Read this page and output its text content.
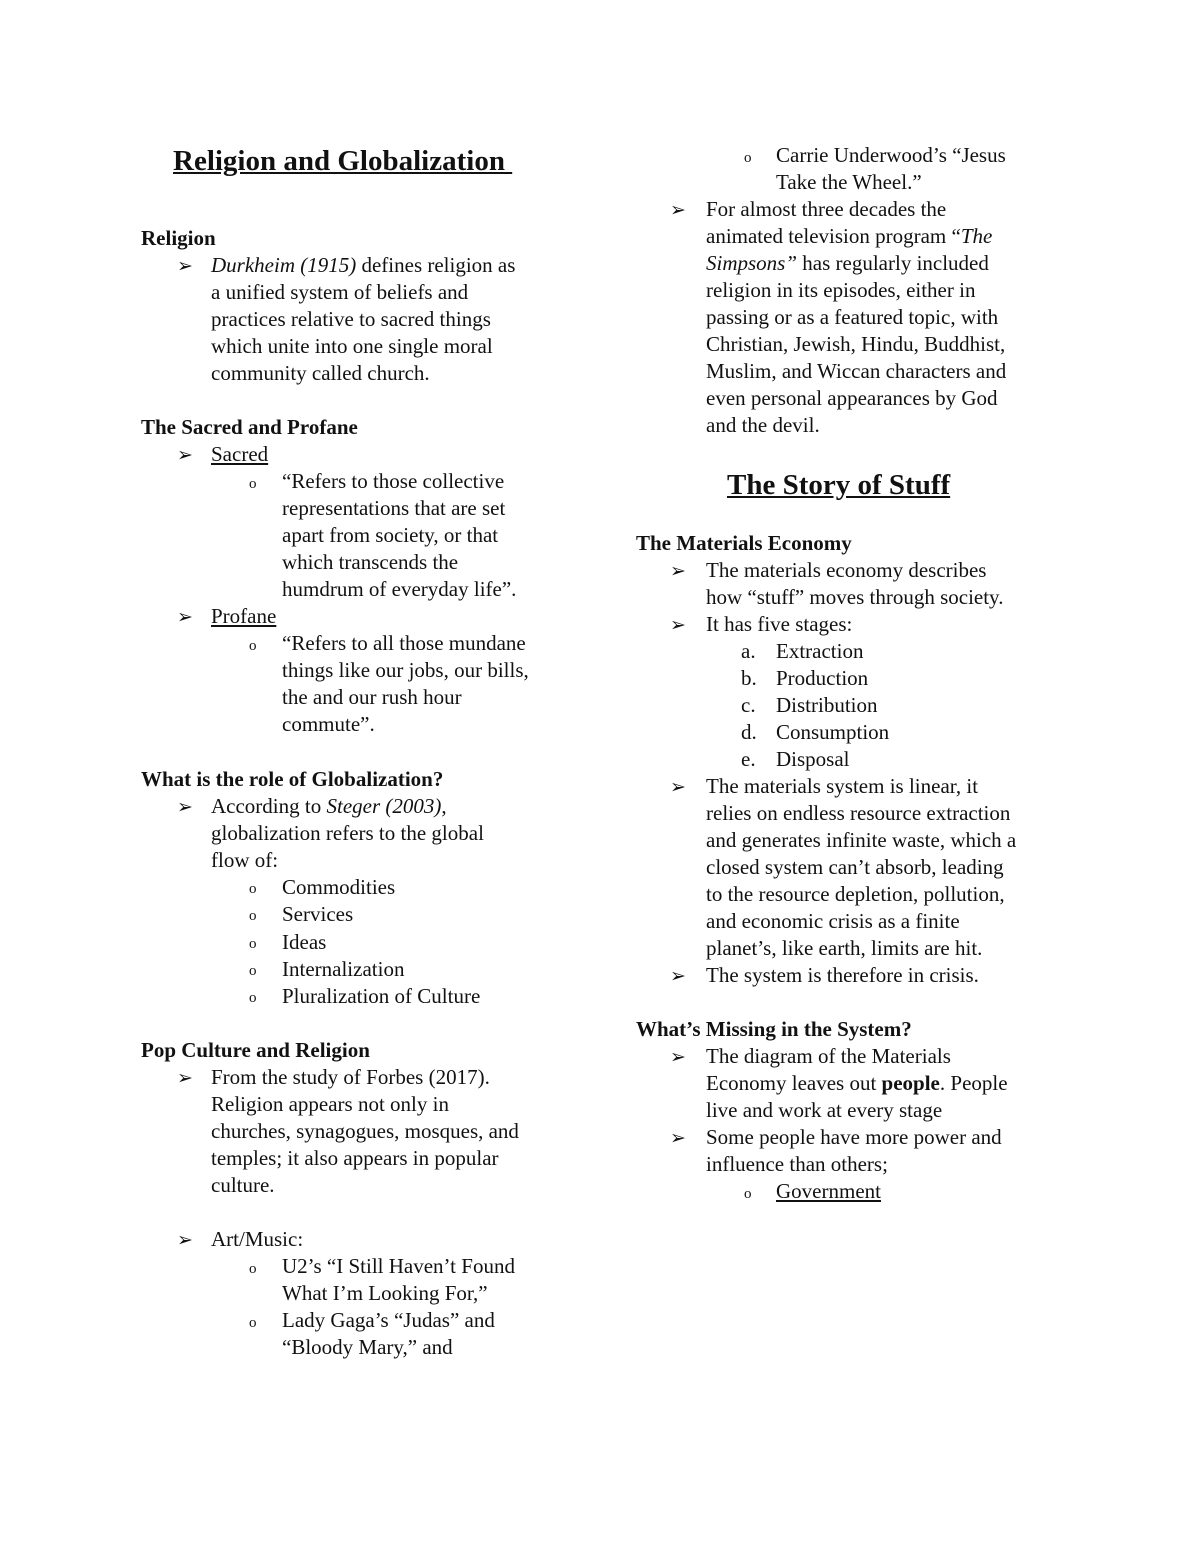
Religion and Globalization
Religion
➢ Durkheim (1915) defines religion as
a unified system of beliefs and
practices relative to sacred things
which unite into one single moral
community called church.
The Sacred and Profane
➢ Sacred
o “Refers to those collective
representations that are set
apart from society, or that
which transcends the
humdrum of everyday life”.
➢ Profane
o “Refers to all those mundane
things like our jobs, our bills,
the and our rush hour
commute”.
What is the role of Globalization?
➢ According to Steger (2003),
globalization refers to the global
flow of:
o Commodities
o Services
o Ideas
o Internalization
o Pluralization of Culture
Pop Culture and Religion
➢ From the study of Forbes (2017).
Religion appears not only in
churches, synagogues, mosques, and
temples; it also appears in popular
culture.
➢ Art/Music:
o U2’s “I Still Haven’t Found
What I’m Looking For,”
o Lady Gaga’s “Judas” and
“Bloody Mary,” and
o Carrie Underwood’s “Jesus
Take the Wheel.”
➢ For almost three decades the
animated television program “The
Simpsons” has regularly included
religion in its episodes, either in
passing or as a featured topic, with
Christian, Jewish, Hindu, Buddhist,
Muslim, and Wiccan characters and
even personal appearances by God
and the devil.
The Story of Stuff
The Materials Economy
➢ The materials economy describes
how “stuff” moves through society.
➢ It has five stages:
a. Extraction
b. Production
c. Distribution
d. Consumption
e. Disposal
➢ The materials system is linear, it
relies on endless resource extraction
and generates infinite waste, which a
closed system can’t absorb, leading
to the resource depletion, pollution,
and economic crisis as a finite
planet’s, like earth, limits are hit.
➢ The system is therefore in crisis.
What’s Missing in the System?
➢ The diagram of the Materials
Economy leaves out people. People
live and work at every stage
➢ Some people have more power and
influence than others;
o Government
